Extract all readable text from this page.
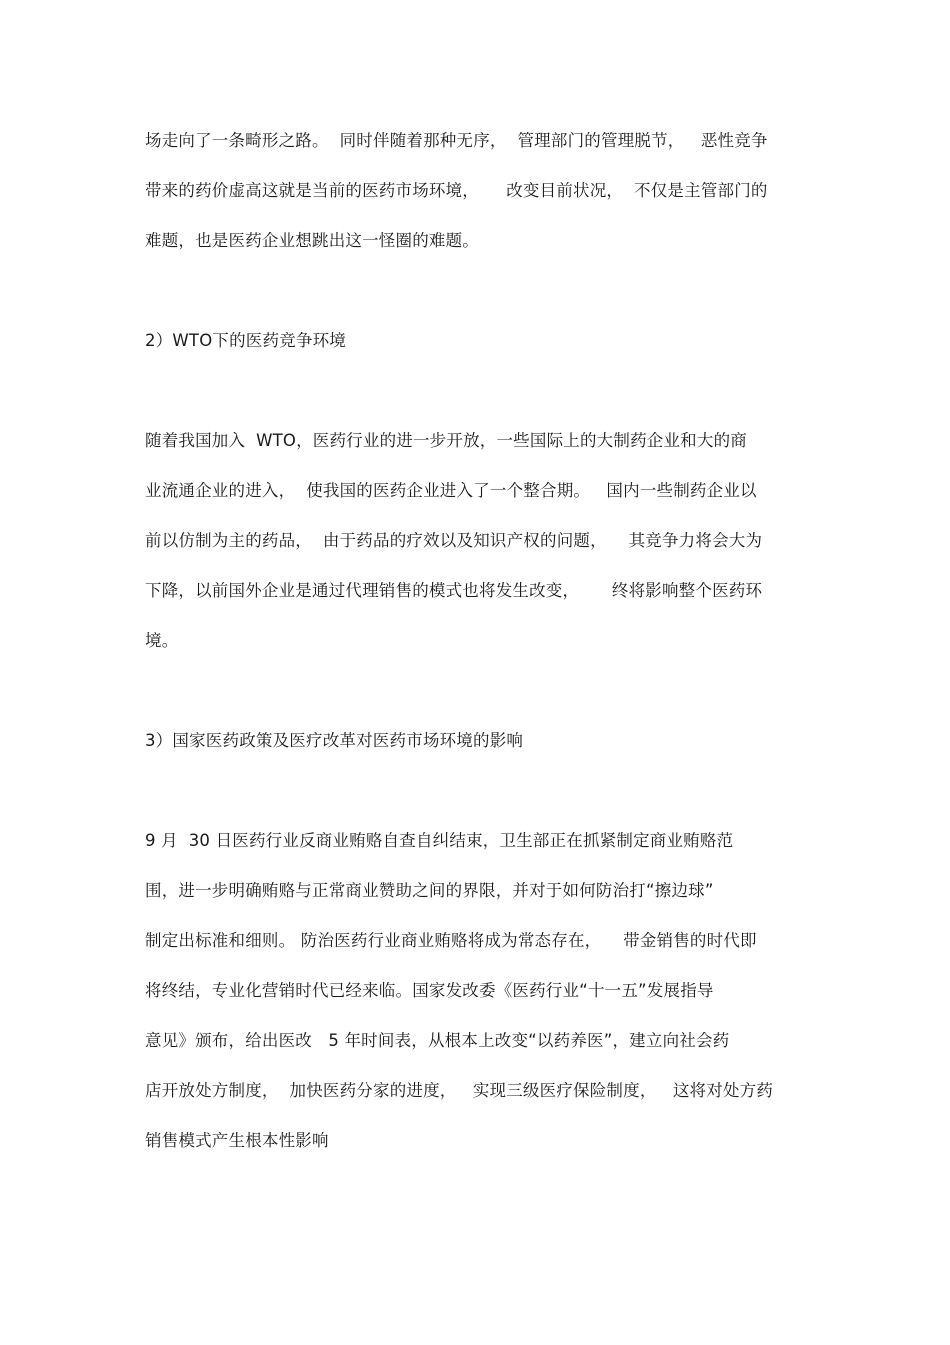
场走向了一条畸形之路。  同时伴随着那种无序，  管理部门的管理脱节，   恶性竞争
带来的药价虚高这就是当前的医药市场环境，     改变目前状况，  不仅是主管部门的
难题，也是医药企业想跳出这一怪圈的难题。
2）WTO下的医药竞争环境
随着我国加入  WTO，医药行业的进一步开放，一些国际上的大制药企业和大的商
业流通企业的进入，  使我国的医药企业进入了一个整合期。   国内一些制药企业以
前以仿制为主的药品，  由于药品的疗效以及知识产权的问题，    其竞争力将会大为
下降，以前国外企业是通过代理销售的模式也将发生改变，      终将影响整个医药环
境。
3）国家医药政策及医疗改革对医药市场环境的影响
9 月  30 日医药行业反商业贿赂自查自纠结束，卫生部正在抓紧制定商业贿赂范
围，进一步明确贿赂与正常商业赞助之间的界限，并对于如何防治打“擦边球”
制定出标准和细则。 防治医药行业商业贿赂将成为常态存在，    带金销售的时代即
将终结，专业化营销时代已经来临。国家发改委《医药行业“十一五”发展指导
意见》颁布，给出医改   5 年时间表，从根本上改变“以药养医”，建立向社会药
店开放处方制度，  加快医药分家的进度，   实现三级医疗保险制度，   这将对处方药
销售模式产生根本性影响
